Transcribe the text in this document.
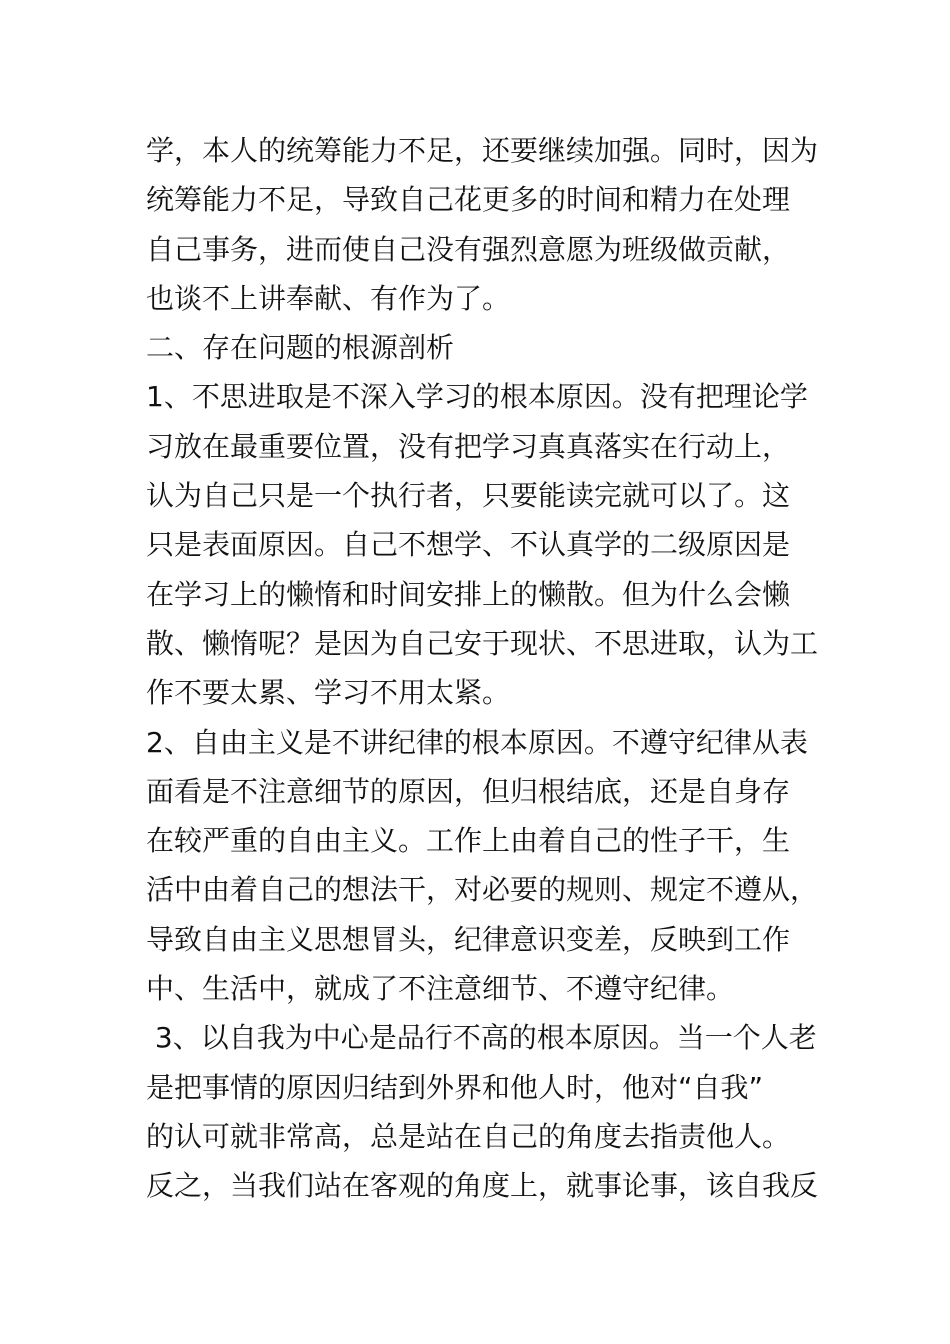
学，本人的统筹能力不足，还要继续加强。同时，因为
统筹能力不足，导致自己花更多的时间和精力在处理
自己事务，进而使自己没有强烈意愿为班级做贡献，
也谈不上讲奉献、有作为了。
二、存在问题的根源剖析
1、不思进取是不深入学习的根本原因。没有把理论学
习放在最重要位置，没有把学习真真落实在行动上，
认为自己只是一个执行者，只要能读完就可以了。这
只是表面原因。自己不想学、不认真学的二级原因是
在学习上的懒惰和时间安排上的懒散。但为什么会懒
散、懒惰呢？是因为自己安于现状、不思进取，认为工
作不要太累、学习不用太紧。
2、自由主义是不讲纪律的根本原因。不遵守纪律从表
面看是不注意细节的原因，但归根结底，还是自身存
在较严重的自由主义。工作上由着自己的性子干，生
活中由着自己的想法干，对必要的规则、规定不遵从，
导致自由主义思想冒头，纪律意识变差，反映到工作
中、生活中，就成了不注意细节、不遵守纪律。
3、以自我为中心是品行不高的根本原因。当一个人老
是把事情的原因归结到外界和他人时，他对“自我”
的认可就非常高，总是站在自己的角度去指责他人。
反之，当我们站在客观的角度上，就事论事，该自我反
